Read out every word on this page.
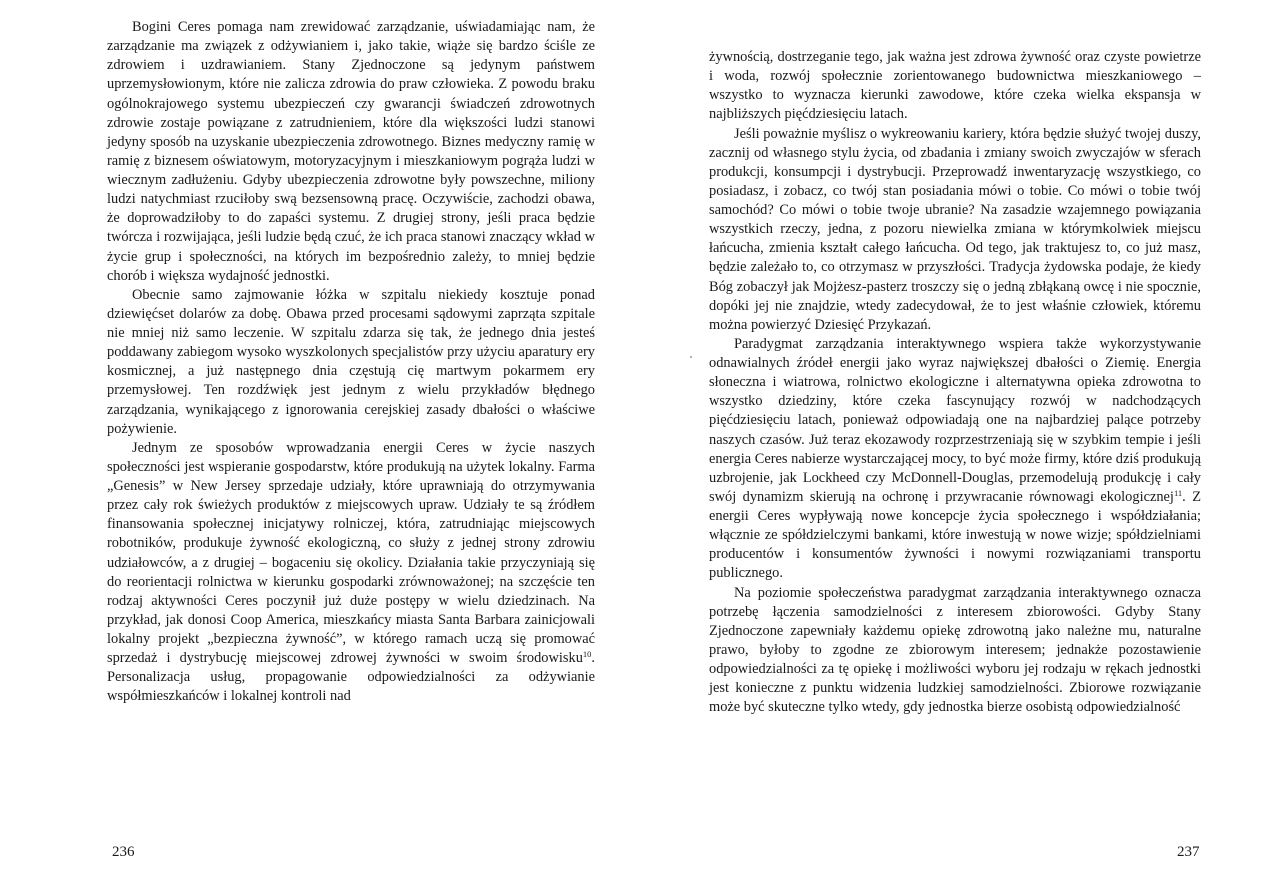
Bogini Ceres pomaga nam zrewidować zarządzanie, uświadamiając nam, że zarządzanie ma związek z odżywianiem i, jako takie, wiąże się bardzo ściśle ze zdrowiem i uzdrawianiem. Stany Zjednoczone są jedynym państwem uprzemysłowionym, które nie zalicza zdrowia do praw człowieka. Z powodu braku ogólnokrajowego systemu ubezpieczeń czy gwarancji świadczeń zdrowotnych zdrowie zostaje powiązane z zatrudnieniem, które dla większości ludzi stanowi jedyny sposób na uzyskanie ubezpieczenia zdrowotnego. Biznes medyczny ramię w ramię z biznesem oświatowym, motoryzacyjnym i mieszkaniowym pogrąża ludzi w wiecznym zadłużeniu. Gdyby ubezpieczenia zdrowotne były powszechne, miliony ludzi natychmiast rzuciłoby swą bezsensowną pracę. Oczywiście, zachodzi obawa, że doprowadziłoby to do zapaści systemu. Z drugiej strony, jeśli praca będzie twórcza i rozwijająca, jeśli ludzie będą czuć, że ich praca stanowi znaczący wkład w życie grup i społeczności, na których im bezpośrednio zależy, to mniej będzie chorób i większa wydajność jednostki.

Obecnie samo zajmowanie łóżka w szpitalu niekiedy kosztuje ponad dziewięćset dolarów za dobę. Obawa przed procesami sądowymi zaprząta szpitale nie mniej niż samo leczenie. W szpitalu zdarza się tak, że jednego dnia jesteś poddawany zabiegom wysoko wyszkolonych specjalistów przy użyciu aparatury ery kosmicznej, a już następnego dnia częstują cię martwym pokarmem ery przemysłowej. Ten rozdźwięk jest jednym z wielu przykładów błędnego zarządzania, wynikającego z ignorowania cerejskiej zasady dbałości o właściwe pożywienie.

Jednym ze sposobów wprowadzania energii Ceres w życie naszych społeczności jest wspieranie gospodarstw, które produkują na użytek lokalny. Farma „Genesis” w New Jersey sprzedaje udziały, które uprawniają do otrzymywania przez cały rok świeżych produktów z miejscowych upraw. Udziały te są źródłem finansowania społecznej inicjatywy rolniczej, która, zatrudniając miejscowych robotników, produkuje żywność ekologiczną, co służy z jednej strony zdrowiu udziałowców, a z drugiej – bogaceniu się okolicy. Działania takie przyczyniają się do reorientacji rolnictwa w kierunku gospodarki zrównoważonej; na szczęście ten rodzaj aktywności Ceres poczynił już duże postępy w wielu dziedzinach. Na przykład, jak donosi Coop America, mieszkańcy miasta Santa Barbara zainicjowali lokalny projekt „bezpieczna żywność”, w którego ramach uczą się promować sprzedaż i dystrybucję miejscowej zdrowej żywności w swoim środowisku$^{10}$. Personalizacja usług, propagowanie odpowiedzialności za odżywianie współmieszkańców i lokalnej kontroli nad

236

żywnością, dostrzeganie tego, jak ważna jest zdrowa żywność oraz czyste powietrze i woda, rozwój społecznie zorientowanego budownictwa mieszkaniowego – wszystko to wyznacza kierunki zawodowe, które czeka wielka ekspansja w najbliższych pięćdziesięciu latach.

Jeśli poważnie myślisz o wykreowaniu kariery, która będzie służyć twojej duszy, zacznij od własnego stylu życia, od zbadania i zmiany swoich zwyczajów w sferach produkcji, konsumpcji i dystrybucji. Przeprowadź inwentaryzację wszystkiego, co posiadasz, i zobacz, co twój stan posiadania mówi o tobie. Co mówi o tobie twój samochód? Co mówi o tobie twoje ubranie? Na zasadzie wzajemnego powiązania wszystkich rzeczy, jedna, z pozoru niewielka zmiana w którymkolwiek miejscu łańcucha, zmienia kształt całego łańcucha. Od tego, jak traktujesz to, co już masz, będzie zależało to, co otrzymasz w przyszłości. Tradycja żydowska podaje, że kiedy Bóg zobaczył jak Mojżesz-pasterz troszczy się o jedną zbłąkaną owcę i nie spocznie, dopóki jej nie znajdzie, wtedy zadecydował, że to jest właśnie człowiek, któremu można powierzyć Dziesięć Przykazań.

Paradygmat zarządzania interaktywnego wspiera także wykorzystywanie odnawialnych źródeł energii jako wyraz największej dbałości o Ziemię. Energia słoneczna i wiatrowa, rolnictwo ekologiczne i alternatywna opieka zdrowotna to wszystko dziedziny, które czeka fascynujący rozwój w nadchodzących pięćdziesięciu latach, ponieważ odpowiadają one na najbardziej palące potrzeby naszych czasów. Już teraz ekozawody rozprzestrzeniają się w szybkim tempie i jeśli energia Ceres nabierze wystarczającej mocy, to być może firmy, które dziś produkują uzbrojenie, jak Lockheed czy McDonnell-Douglas, przemodelują produkcję i cały swój dynamizm skierują na ochronę i przywracanie równowagi ekologicznej$^{11}$. Z energii Ceres wypływają nowe koncepcje życia społecznego i współdziałania; włącznie ze spółdzielczymi bankami, które inwestują w nowe wizje; spółdzielniami producentów i konsumentów żywności i nowymi rozwiązaniami transportu publicznego.

Na poziomie społeczeństwa paradygmat zarządzania interaktywnego oznacza potrzebę łączenia samodzielności z interesem zbiorowości. Gdyby Stany Zjednoczone zapewniały każdemu opiekę zdrowotną jako należne mu, naturalne prawo, byłoby to zgodne ze zbiorowym interesem; jednakże pozostawienie odpowiedzialności za tę opiekę i możliwości wyboru jej rodzaju w rękach jednostki jest konieczne z punktu widzenia ludzkiej samodzielności. Zbiorowe rozwiązanie może być skuteczne tylko wtedy, gdy jednostka bierze osobistą odpowiedzialność

237
